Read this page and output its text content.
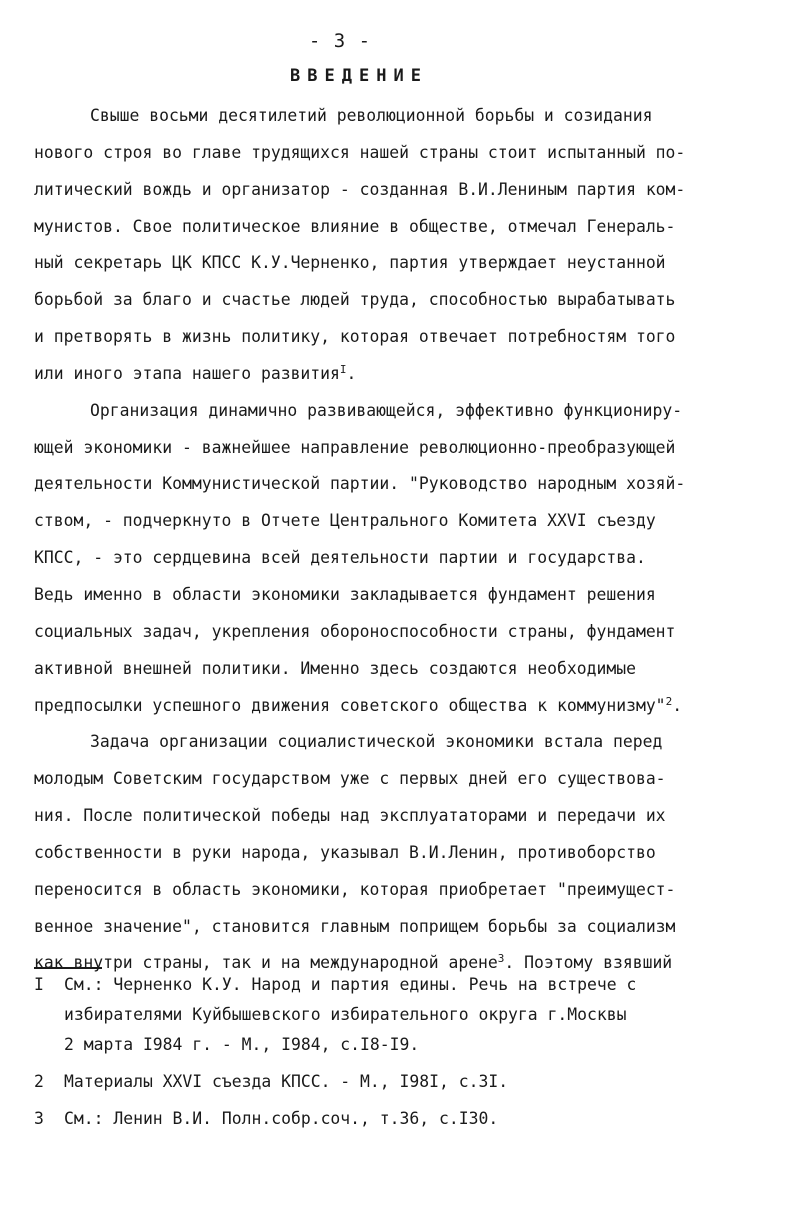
- 3 -
ВВЕДЕНИЕ
Свыше восьми десятилетий революционной борьбы и созидания
нового строя во главе трудящихся нашей страны стоит испытанный по-
литический вождь и организатор - созданная В.И.Лениным партия ком-
мунистов. Свое политическое влияние в обществе, отмечал Генераль-
ный секретарь ЦК КПСС К.У.Черненко, партия утверждает неустанной
борьбой за благо и счастье людей труда, способностью вырабатывать
и претворять в жизнь политику, которая отвечает потребностям того
или иного этапа нашего развития$^I$.
Организация динамично развивающейся, эффективно функциониру-
ющей экономики - важнейшее направление революционно-преобразующей
деятельности Коммунистической партии. "Руководство народным хозяй-
ством, - подчеркнуто в Отчете Центрального Комитета XXVI съезду
КПСС, - это сердцевина всей деятельности партии и государства.
Ведь именно в области экономики закладывается фундамент решения
социальных задач, укрепления обороноспособности страны, фундамент
активной внешней политики. Именно здесь создаются необходимые
предпосылки успешного движения советского общества к коммунизму"$^2$.
Задача организации социалистической экономики встала перед
молодым Советским государством уже с первых дней его существова-
ния. После политической победы над эксплуататорами и передачи их
собственности в руки народа, указывал В.И.Ленин, противоборство
переносится в область экономики, которая приобретает "преимущест-
венное значение", становится главным поприщем борьбы за социализм
как внутри страны, так и на международной арене$^3$. Поэтому взявший
I	См.: Черненко К.У. Народ и партия едины. Речь на встрече с
избирателями Куйбышевского избирательного округа г.Москвы
2 марта I984 г. - М., I984, с.I8-I9.
2	Материалы XXVI съезда КПСС. - М., I98I, с.3I.
3	См.: Ленин В.И. Полн.собр.соч., т.36, с.I30.
